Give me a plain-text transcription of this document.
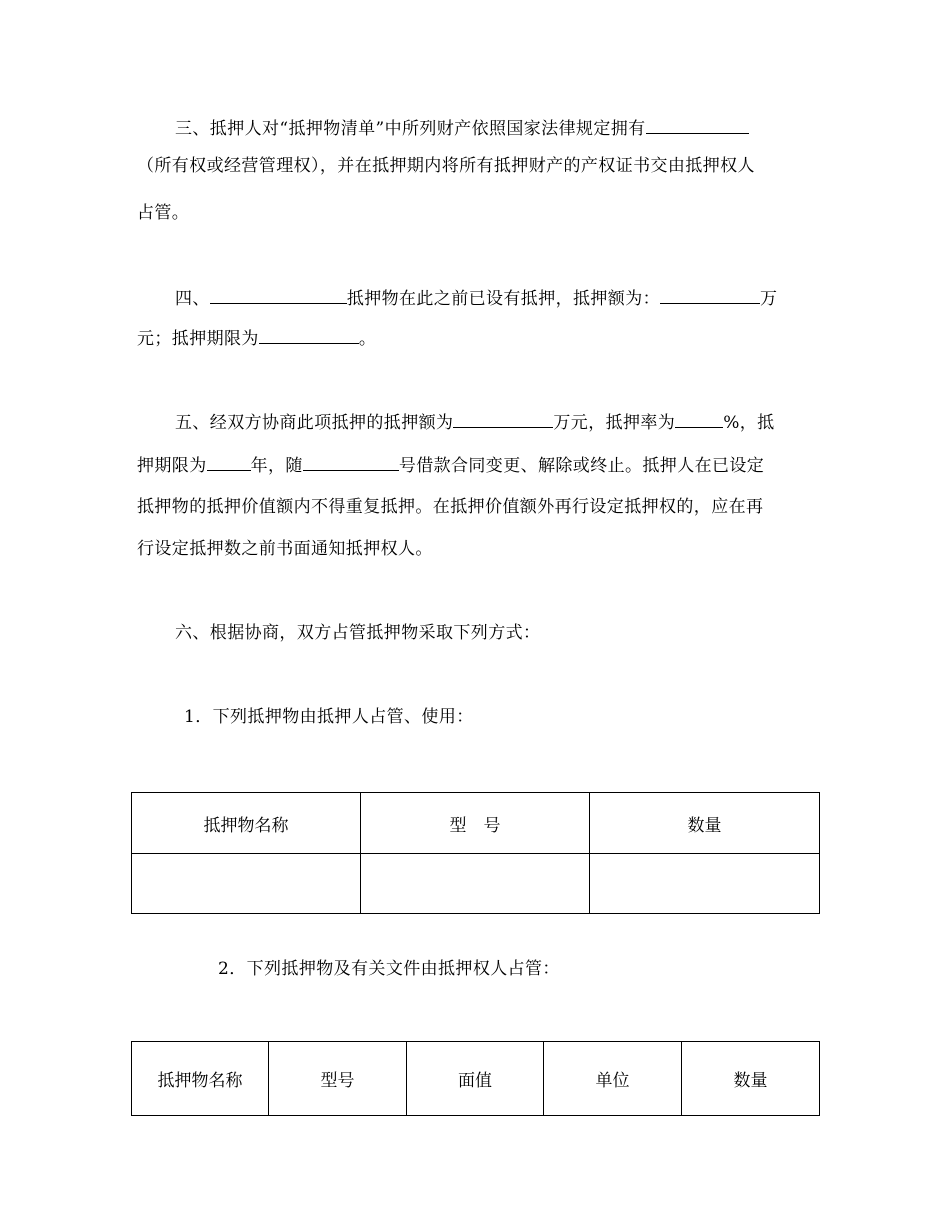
三、抵押人对“抵押物清单”中所列财产依照国家法律规定拥有
（所有权或经营管理权），并在抵押期内将所有抵押财产的产权证书交由抵押权人
占管。
四、	抵押物在此之前已设有抵押，抵押额为：	万
元；抵押期限为	。
五、经双方协商此项抵押的抵押额为	万元，抵押率为	%，抵
押期限为	年，随	号借款合同变更、解除或终止。抵押人在已设定
抵押物的抵押价值额内不得重复抵押。在抵押价值额外再行设定抵押权的，应在再
行设定抵押数之前书面通知抵押权人。
六、根据协商，双方占管抵押物采取下列方式：
1．下列抵押物由抵押人占管、使用：
抵押物名称	型　号	数量

2．下列抵押物及有关文件由抵押权人占管：
抵押物名称	型号	面值	单位	数量
